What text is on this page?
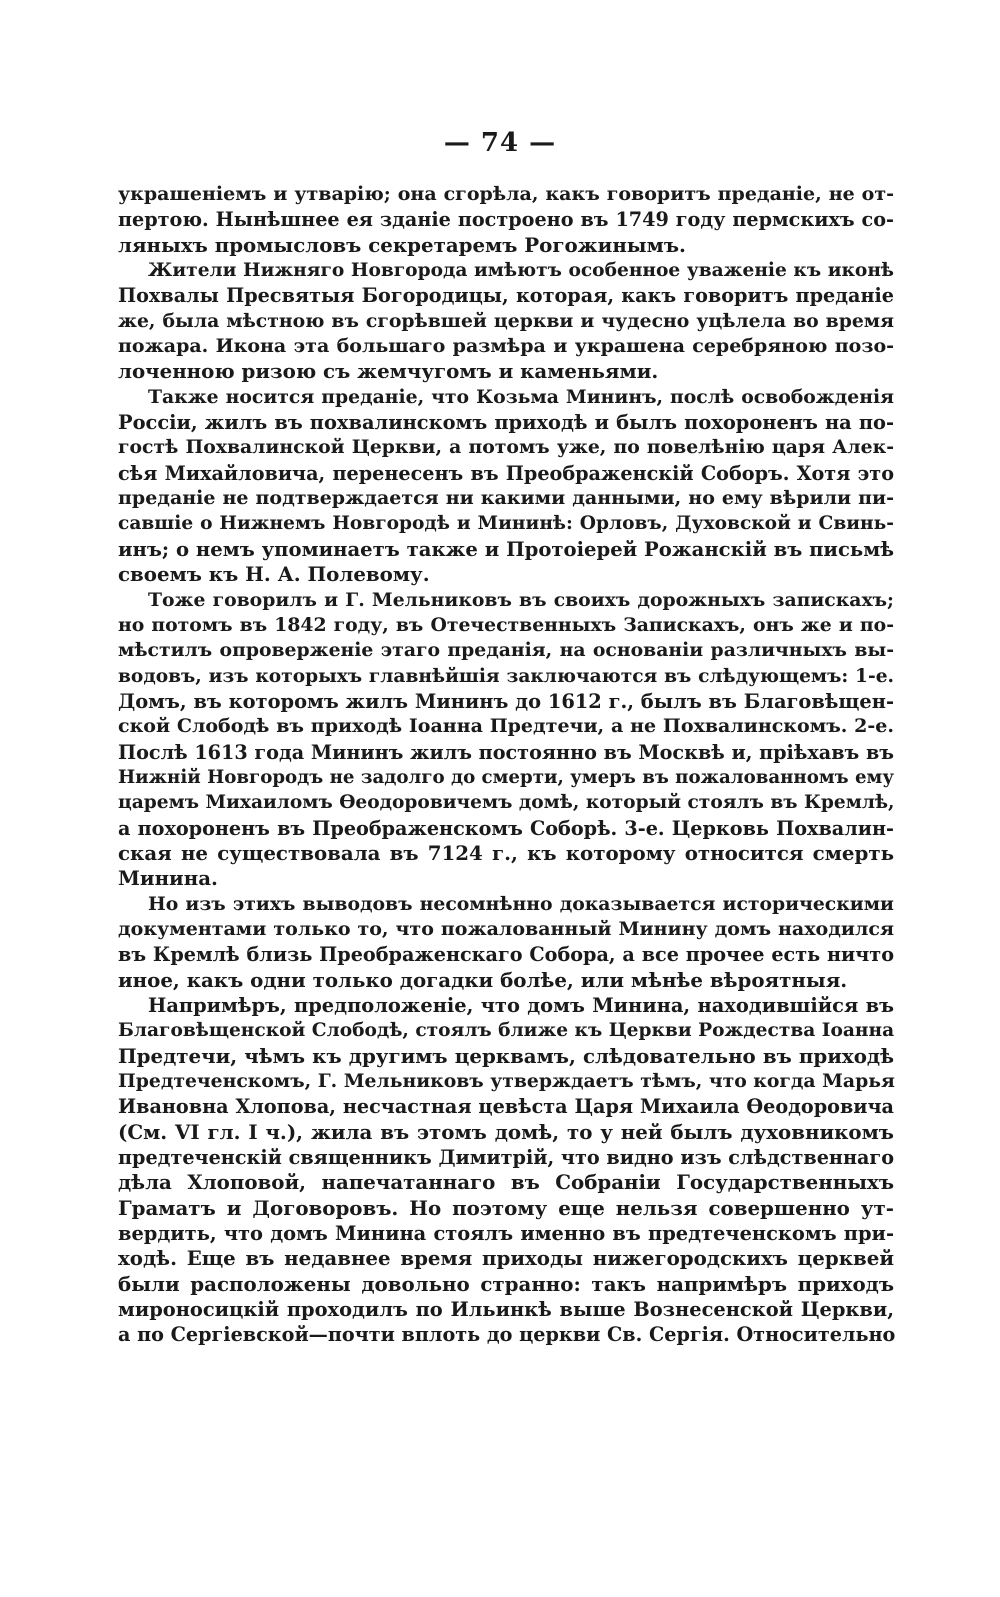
— 74 —
украшеніемъ и утварію; она сгорѣла, какъ говоритъ преданіе, не от-
пертою. Нынѣшнее ея зданіе построено въ 1749 году пермскихъ со-
ляныхъ промысловъ секретаремъ Рогожинымъ.
Жители Нижняго Новгорода имѣютъ особенное уваженіе къ иконѣ
Похвалы Пресвятыя Богородицы, которая, какъ говоритъ преданіе
же, была мѣстною въ сгорѣвшей церкви и чудесно уцѣлела во время
пожара. Икона эта большаго размѣра и украшена серебряною позо-
лоченною ризою съ жемчугомъ и каменьями.
Также носится преданіе, что Козьма Мининъ, послѣ освобожденія
Россіи, жилъ въ похвалинскомъ приходѣ и былъ похороненъ на по-
гостѣ Похвалинской Церкви, а потомъ уже, по повелѣнію царя Алек-
сѣя Михайловича, перенесенъ въ Преображенскій Соборъ. Хотя это
преданіе не подтверждается ни какими данными, но ему вѣрили пи-
савшіе о Нижнемъ Новгородѣ и Мининѣ: Орловъ, Духовской и Свинь-
инъ; о немъ упоминаетъ также и Протоіерей Рожанскій въ письмѣ
своемъ къ Н. А. Полевому.
Тоже говорилъ и Г. Мельниковъ въ своихъ дорожныхъ запискахъ;
но потомъ въ 1842 году, въ Отечественныхъ Запискахъ, онъ же и по-
мѣстилъ опроверженіе этаго преданія, на основаніи различныхъ вы-
водовъ, изъ которыхъ главнѣйшія заключаются въ слѣдующемъ: 1-е.
Домъ, въ которомъ жилъ Мининъ до 1612 г., былъ въ Благовѣщен-
ской Слободѣ въ приходѣ Іоанна Предтечи, а не Похвалинскомъ. 2-е.
Послѣ 1613 года Мининъ жилъ постоянно въ Москвѣ и, пріѣхавъ въ
Нижній Новгородъ не задолго до смерти, умеръ въ пожалованномъ ему
царемъ Михаиломъ Ѳеодоровичемъ домѣ, который стоялъ въ Кремлѣ,
а похороненъ въ Преображенскомъ Соборѣ. 3-е. Церковь Похвалин-
ская не существовала въ 7124 г., къ которому относится смерть
Минина.
Но изъ этихъ выводовъ несомнѣнно доказывается историческими
документами только то, что пожалованный Минину домъ находился
въ Кремлѣ близь Преображенскаго Собора, а все прочее есть ничто
иное, какъ одни только догадки болѣе, или мѣнѣе вѣроятныя.
Напримѣръ, предположеніе, что домъ Минина, находившійся въ
Благовѣщенской Слободѣ, стоялъ ближе къ Церкви Рождества Іоанна
Предтечи, чѣмъ къ другимъ церквамъ, слѣдовательно въ приходѣ
Предтеченскомъ, Г. Мельниковъ утверждаетъ тѣмъ, что когда Марья
Ивановна Хлопова, несчастная цевѣста Царя Михаила Ѳеодоровича
(См. VI гл. I ч.), жила въ этомъ домѣ, то у ней былъ духовникомъ
предтеченскій священникъ Димитрій, что видно изъ слѣдственнаго
дѣла Хлоповой, напечатаннаго въ Собраніи Государственныхъ
Граматъ и Договоровъ. Но поэтому еще нельзя совершенно ут-
вердить, что домъ Минина стоялъ именно въ предтеченскомъ при-
ходѣ. Еще въ недавнее время приходы нижегородскихъ церквей
были расположены довольно странно: такъ напримѣръ приходъ
мироносицкій проходилъ по Ильинкѣ выше Вознесенской Церкви,
а по Сергіевской—почти вплоть до церкви Св. Сергія. Относительно
